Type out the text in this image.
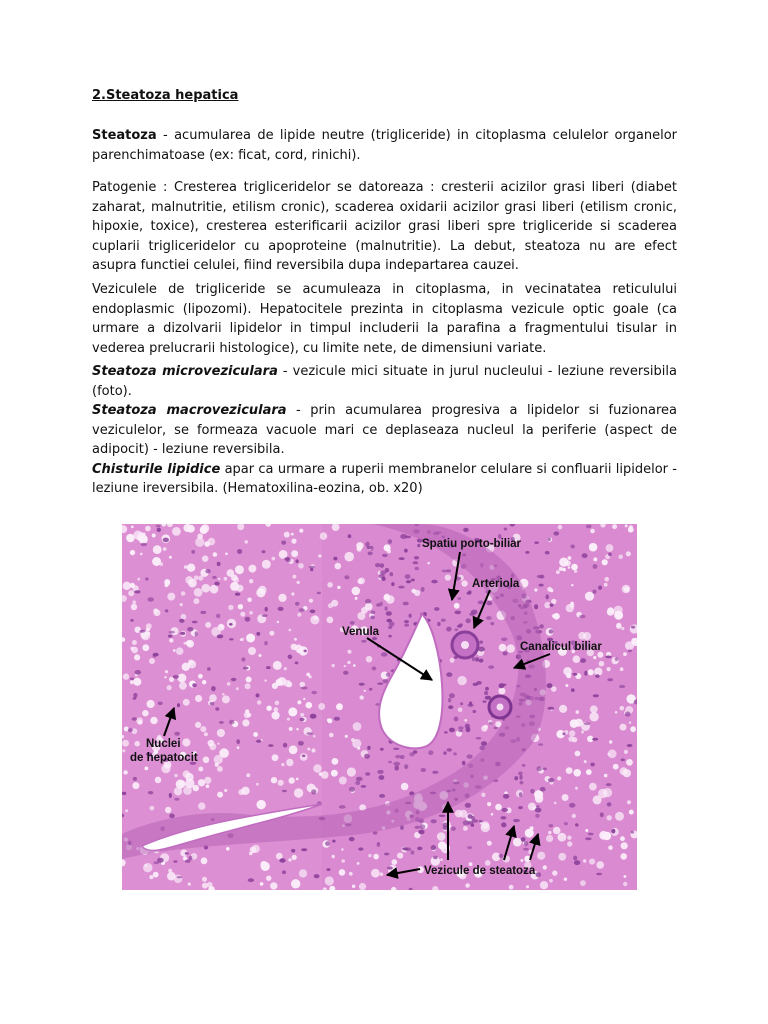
2.Steatoza hepatica

Steatoza - acumularea de lipide neutre (trigliceride) in citoplasma celulelor organelor parenchimatoase (ex: ficat, cord, rinichi).

Patogenie : Cresterea trigliceridelor se datoreaza : cresterii acizilor grasi liberi (diabet zaharat, malnutritie, etilism cronic), scaderea oxidarii acizilor grasi liberi (etilism cronic, hipoxie, toxice), cresterea esterificarii acizilor grasi liberi spre trigliceride si scaderea cuplarii trigliceridelor cu apoproteine (malnutritie). La debut, steatoza nu are efect asupra functiei celulei, fiind reversibila dupa indepartarea cauzei.

Veziculele de trigliceride se acumuleaza in citoplasma, in vecinatatea reticulului endoplasmic (lipozomi). Hepatocitele prezinta in citoplasma vezicule optic goale (ca urmare a dizolvarii lipidelor in timpul includerii la parafina a fragmentului tisular in vederea prelucrarii histologice), cu limite nete, de dimensiuni variate.

Steatoza microveziculara - vezicule mici situate in jurul nucleului - leziune reversibila (foto).
Steatoza macroveziculara - prin acumularea progresiva a lipidelor si fuzionarea veziculelor, se formeaza vacuole mari ce deplaseaza nucleul la periferie (aspect de adipocit) - leziune reversibila.
Chisturile lipidice apar ca urmare a ruperii membranelor celulare si confluarii lipidelor - leziune ireversibila. (Hematoxilina-eozina, ob. x20)

Spatiu porto-biliar
Arteriola
Venula
Canalicul biliar
Nuclei
de hepatocit
Vezicule de steatoza
